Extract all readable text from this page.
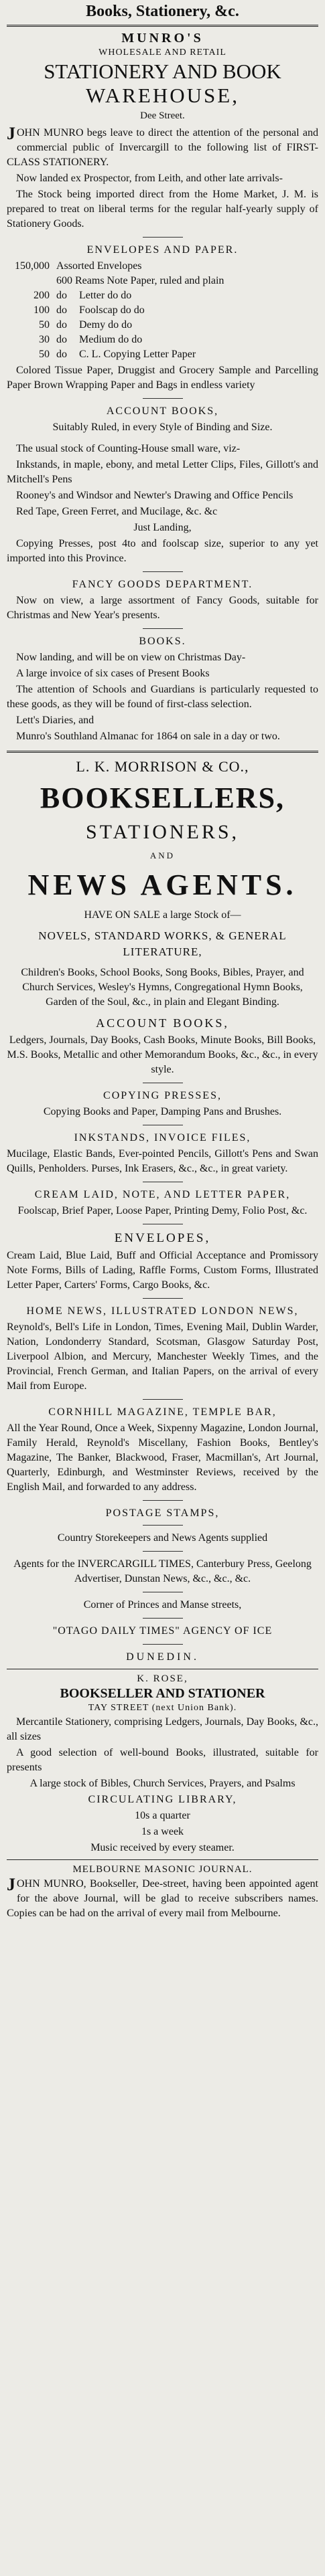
Books, Stationery, &c.
MUNRO'S
WHOLESALE AND RETAIL
STATIONERY AND BOOK
WAREHOUSE,
Dee Street.
J OHN MUNRO begs leave to direct the attention of the personal and commercial public of Invercargill to the following list of FIRST-CLASS STATIONERY.
Now landed ex Prospector, from Leith, and other late arrivals-
The Stock being imported direct from the Home Market, J. M. is prepared to treat on liberal terms for the regular half-yearly supply of Stationery Goods.
ENVELOPES AND PAPER.
150,000 Assorted Envelopes
600 Reams Note Paper, ruled and plain
200 do	Letter do do
100 do	Foolscap do do
50 do	Demy do do
30 do	Medium do do
50 do	C. L. Copying Letter Paper
Colored Tissue Paper, Druggist and Grocery Sample and Parcelling Paper Brown Wrapping Paper and Bags in endless variety
ACCOUNT BOOKS,
Suitably Ruled, in every Style of Binding and Size.
The usual stock of Counting-House small ware, viz-
Inkstands, in maple, ebony, and metal Letter Clips, Files, Gillott's and Mitchell's Pens
Rooney's and Windsor and Newter's Drawing and Office Pencils
Red Tape, Green Ferret, and Mucilage, &c. &c
Just Landing,
Copying Presses, post 4to and foolscap size, superior to any yet imported into this Province.
FANCY GOODS DEPARTMENT.
Now on view, a large assortment of Fancy Goods, suitable for Christmas and New Year's presents.
BOOKS.
Now landing, and will be on view on Christmas Day-
A large invoice of six cases of Present Books
The attention of Schools and Guardians is particularly requested to these goods, as they will be found of first-class selection.
Lett's Diaries, and
Munro's Southland Almanac for 1864 on sale in a day or two.
L. K. MORRISON & CO.,
BOOKSELLERS,
STATIONERS,
AND
NEWS AGENTS.
HAVE ON SALE a large Stock of—
NOVELS, STANDARD WORKS, & GENERAL LITERATURE,
Children's Books, School Books, Song Books, Bibles, Prayer, and Church Services, Wesley's Hymns, Congregational Hymn Books, Garden of the Soul, &c., in plain and Elegant Binding.
ACCOUNT BOOKS,
Ledgers, Journals, Day Books, Cash Books, Minute Books, Bill Books, M.S. Books, Metallic and other Memorandum Books, &c., &c., in every style.
COPYING PRESSES,
Copying Books and Paper, Damping Pans and Brushes.
INKSTANDS, INVOICE FILES,
Mucilage, Elastic Bands, Ever-pointed Pencils, Gillott's Pens and Swan Quills, Penholders. Purses, Ink Erasers, &c., &c., in great variety.
CREAM LAID, NOTE, AND LETTER PAPER,
Foolscap, Brief Paper, Loose Paper, Printing Demy, Folio Post, &c.
ENVELOPES,
Cream Laid, Blue Laid, Buff and Official Acceptance and Promissory Note Forms, Bills of Lading, Raffle Forms, Custom Forms, Illustrated Letter Paper, Carters' Forms, Cargo Books, &c.
HOME NEWS, ILLUSTRATED LONDON NEWS,
Reynold's, Bell's Life in London, Times, Evening Mail, Dublin Warder, Nation, Londonderry Standard, Scotsman, Glasgow Saturday Post, Liverpool Albion, and Mercury, Manchester Weekly Times, and the Provincial, French German, and Italian Papers, on the arrival of every Mail from Europe.
CORNHILL MAGAZINE, TEMPLE BAR,
All the Year Round, Once a Week, Sixpenny Magazine, London Journal, Family Herald, Reynold's Miscellany, Fashion Books, Bentley's Magazine, The Banker, Blackwood, Fraser, Macmillan's, Art Journal, Quarterly, Edinburgh, and Westminster Reviews, received by the English Mail, and forwarded to any address.
POSTAGE STAMPS,
Country Storekeepers and News Agents supplied
Agents for the INVERCARGILL TIMES, Canterbury Press, Geelong Advertiser, Dunstan News, &c., &c., &c.
Corner of Princes and Manse streets,
"OTAGO DAILY TIMES" AGENCY OF ICE
DUNEDIN.
K. ROSE,
BOOKSELLER AND STATIONER
TAY STREET (next Union Bank).
Mercantile Stationery, comprising Ledgers, Journals, Day Books, &c., all sizes
A good selection of well-bound Books, illustrated, suitable for presents
A large stock of Bibles, Church Services, Prayers, and Psalms
CIRCULATING LIBRARY,
10s a quarter
1s a week
Music received by every steamer.
MELBOURNE MASONIC JOURNAL.
J OHN MUNRO, Bookseller, Dee-street, having been appointed agent for the above Journal, will be glad to receive subscribers names. Copies can be had on the arrival of every mail from Melbourne.
